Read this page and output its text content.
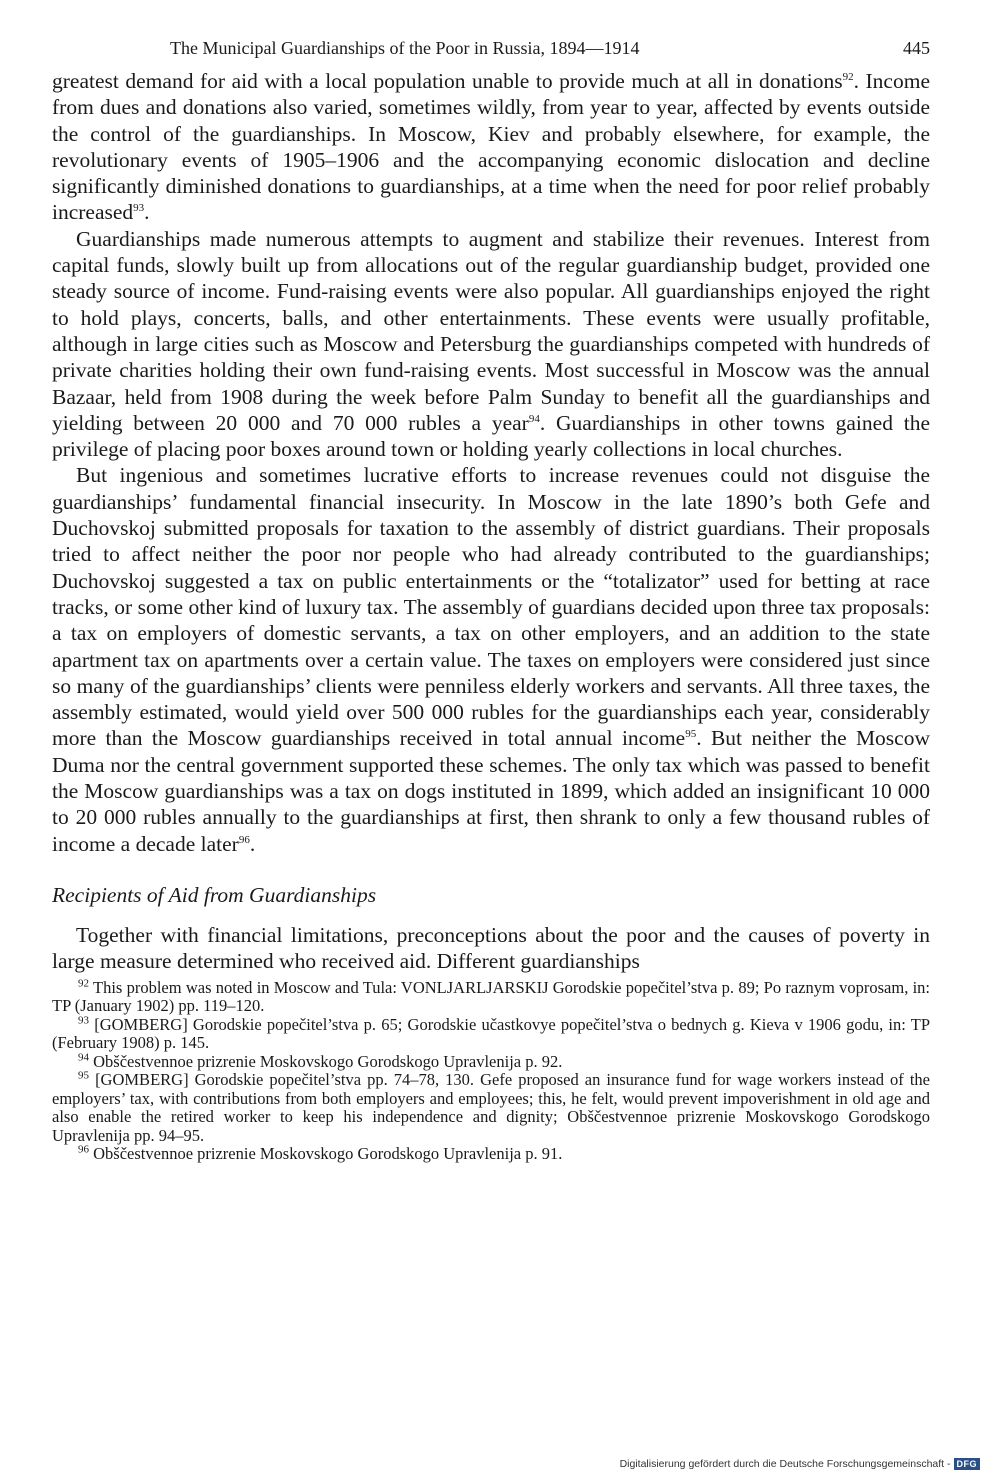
The Municipal Guardianships of the Poor in Russia, 1894—1914	445

greatest demand for aid with a local population unable to provide much at all in donations$^{92}$. Income from dues and donations also varied, sometimes wildly, from year to year, affected by events outside the control of the guardianships. In Moscow, Kiev and probably elsewhere, for example, the revolutionary events of 1905–1906 and the accompanying economic dislocation and decline significantly diminished donations to guardianships, at a time when the need for poor relief probably increased$^{93}$.

Guardianships made numerous attempts to augment and stabilize their revenues. Interest from capital funds, slowly built up from allocations out of the regular guardianship budget, provided one steady source of income. Fund-raising events were also popular. All guardianships enjoyed the right to hold plays, concerts, balls, and other entertainments. These events were usually profitable, although in large cities such as Moscow and Petersburg the guardianships competed with hundreds of private charities holding their own fund-raising events. Most successful in Moscow was the annual Bazaar, held from 1908 during the week before Palm Sunday to benefit all the guardianships and yielding between 20 000 and 70 000 rubles a year$^{94}$. Guardianships in other towns gained the privilege of placing poor boxes around town or holding yearly collections in local churches.

But ingenious and sometimes lucrative efforts to increase revenues could not disguise the guardianships’ fundamental financial insecurity. In Moscow in the late 1890’s both Gefe and Duchovskoj submitted proposals for taxation to the assembly of district guardians. Their proposals tried to affect neither the poor nor people who had already contributed to the guardianships; Duchovskoj suggested a tax on public entertainments or the “totalizator” used for betting at race tracks, or some other kind of luxury tax. The assembly of guardians decided upon three tax proposals: a tax on employers of domestic servants, a tax on other employers, and an addition to the state apartment tax on apartments over a certain value. The taxes on employers were considered just since so many of the guardianships’ clients were penniless elderly workers and servants. All three taxes, the assembly estimated, would yield over 500 000 rubles for the guardianships each year, considerably more than the Moscow guardianships received in total annual income$^{95}$. But neither the Moscow Duma nor the central government supported these schemes. The only tax which was passed to benefit the Moscow guardianships was a tax on dogs instituted in 1899, which added an insignificant 10 000 to 20 000 rubles annually to the guardianships at first, then shrank to only a few thousand rubles of income a decade later$^{96}$.

Recipients of Aid from Guardianships

Together with financial limitations, preconceptions about the poor and the causes of poverty in large measure determined who received aid. Different guardianships

$^{92}$ This problem was noted in Moscow and Tula: VONLJARLJARSKIJ Gorodskie popečitel’stva p. 89; Po raznym voprosam, in: TP (January 1902) pp. 119–120.

$^{93}$ [GOMBERG] Gorodskie popečitel’stva p. 65; Gorodskie učastkovye popečitel’stva o bednych g. Kieva v 1906 godu, in: TP (February 1908) p. 145.

$^{94}$ Obščestvennoe prizrenie Moskovskogo Gorodskogo Upravlenija p. 92.

$^{95}$ [GOMBERG] Gorodskie popečitel’stva pp. 74–78, 130. Gefe proposed an insurance fund for wage workers instead of the employers’ tax, with contributions from both employers and employees; this, he felt, would prevent impoverishment in old age and also enable the retired worker to keep his independence and dignity; Obščestvennoe prizrenie Moskovskogo Gorodskogo Upravlenija pp. 94–95.

$^{96}$ Obščestvennoe prizrenie Moskovskogo Gorodskogo Upravlenija p. 91.

Digitalisierung gefördert durch die Deutsche Forschungsgemeinschaft - DFG
